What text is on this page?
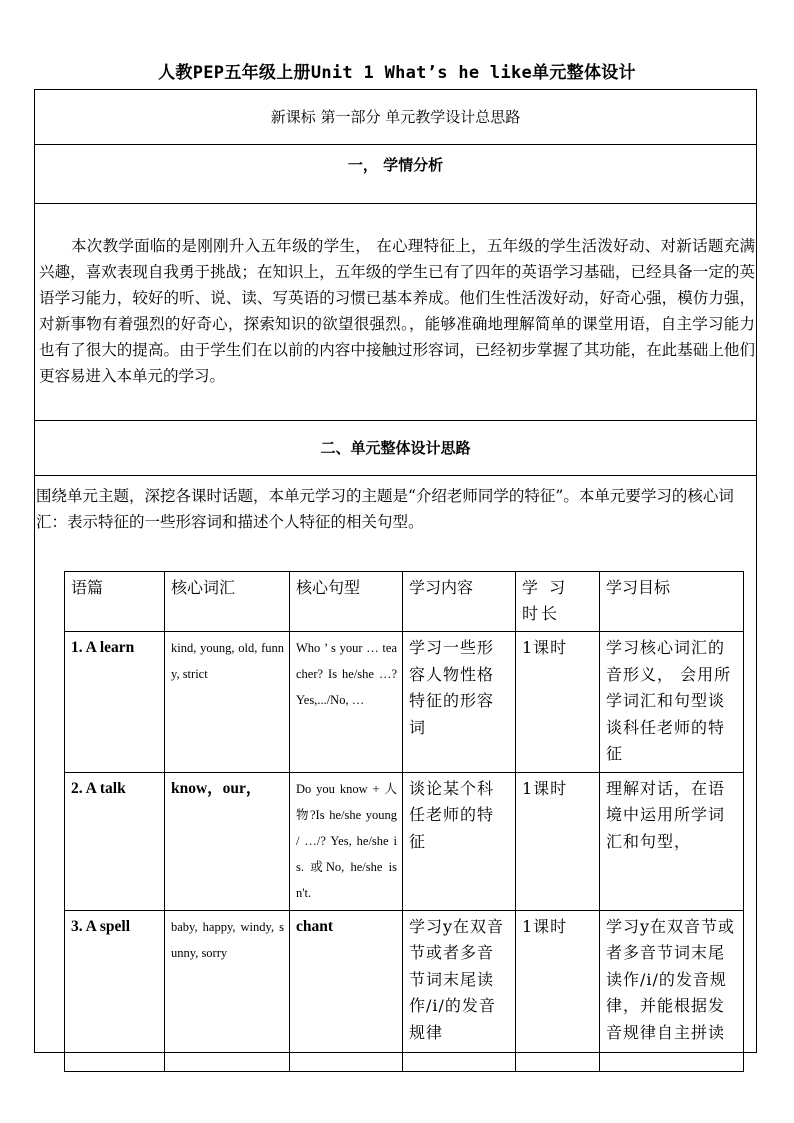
人教PEP五年级上册Unit 1 What’s he like单元整体设计
新课标 第一部分 单元教学设计总思路
一， 学情分析
本次教学面临的是刚刚升入五年级的学生， 在心理特征上，五年级的学生活泼好动、对新话题充满兴趣，喜欢表现自我勇于挑战；在知识上，五年级的学生已有了四年的英语学习基础，已经具备一定的英语学习能力，较好的听、说、读、写英语的习惯已基本养成。他们生性活泼好动，好奇心强，模仿力强，对新事物有着强烈的好奇心，探索知识的欲望很强烈。，能够准确地理解简单的课堂用语，自主学习能力也有了很大的提高。由于学生们在以前的内容中接触过形容词，已经初步掌握了其功能，在此基础上他们更容易进入本单元的学习。
二、单元整体设计思路
围绕单元主题，深挖各课时话题，本单元学习的主题是“介绍老师同学的特征”。本单元要学习的核心词汇：表示特征的一些形容词和描述个人特征的相关句型。
语篇	核心词汇	核心句型	学习内容	学 习 时长	学习目标
1. A learn	kind, young, old, funny, strict	Who ’ s your … teacher? Is he/she …? Yes,.../No, …	学习一些形容人物性格特征的形容词	1课时	学习核心词汇的音形义， 会用所学词汇和句型谈谈科任老师的特征
2. A talk	know，our，	Do you know + 人物?Is he/she young / …/? Yes, he/she is. 或No, he/she isn't.	谈论某个科任老师的特征	1课时	理解对话，在语境中运用所学词汇和句型，
3. A spell	baby, happy, windy, sunny, sorry	chant	学习y在双音节或者多音节词末尾读作/i/的发音规律	1课时	学习y在双音节或者多音节词末尾读作/i/的发音规律，并能根据发音规律自主拼读
